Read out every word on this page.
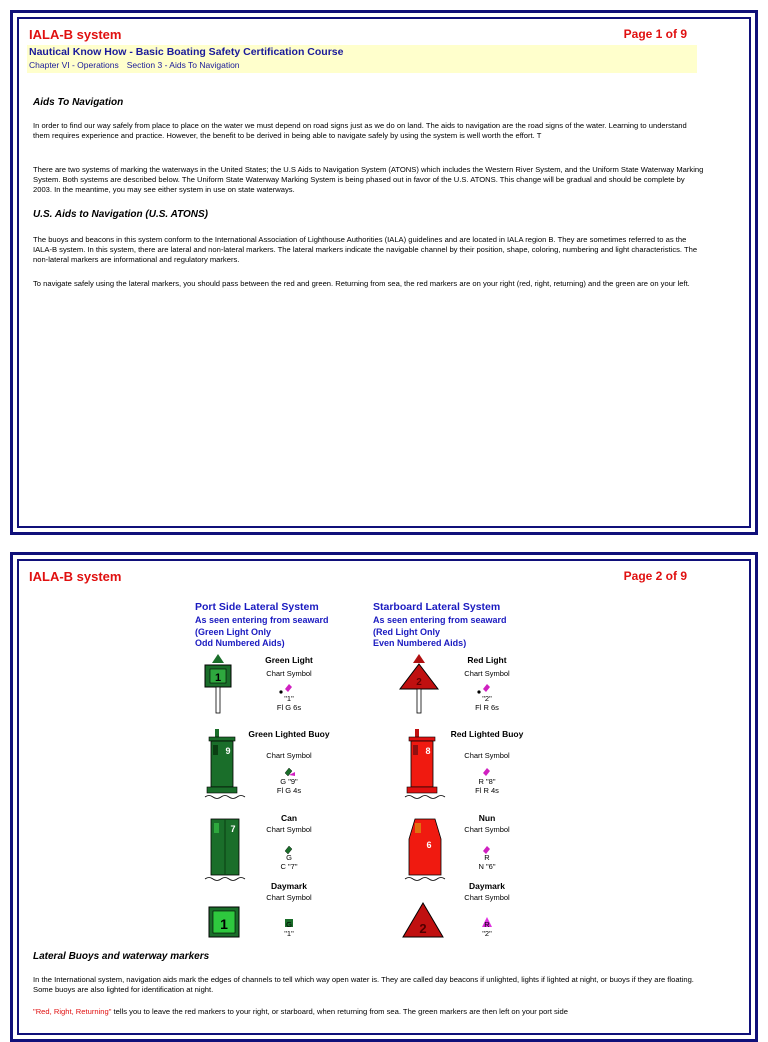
IALA-B system	Page 1 of 9
Nautical Know How - Basic Boating Safety Certification Course
Chapter VI - Operations Section 3 - Aids To Navigation
Aids To Navigation
In order to find our way safely from place to place on the water we must depend on road signs just as we do on land. The aids to navigation are the road signs of the water. Learning to understand them requires experience and practice. However, the benefit to be derived in being able to navigate safely by using the system is well worth the effort. T
There are two systems of marking the waterways in the United States; the U.S Aids to Navigation System (ATONS) which includes the Western River System, and the Uniform State Waterway Marking System. Both systems are described below. The Uniform State Waterway Marking System is being phased out in favor of the U.S. ATONS. This change will be gradual and should be complete by 2003. In the meantime, you may see either system in use on state waterways.
U.S. Aids to Navigation (U.S. ATONS)
The buoys and beacons in this system conform to the International Association of Lighthouse Authorities (IALA) guidelines and are located in IALA region B. They are sometimes referred to as the IALA-B system. In this system, there are lateral and non-lateral markers. The lateral markers indicate the navigable channel by their position, shape, coloring, numbering and light characteristics. The non-lateral markers are informational and regulatory markers.
To navigate safely using the lateral markers, you should pass between the red and green. Returning from sea, the red markers are on your right (red, right, returning) and the green are on your left.
IALA-B system	Page 2 of 9
Port Side Lateral System
As seen entering from seaward
(Green Light Only
Odd Numbered Aids)
Starboard Lateral System
As seen entering from seaward
(Red Light Only
Even Numbered Aids)
1	2
9	8
7
6
1	2
Green Light
Chart Symbol
"1"
Fl G 6s
Green Lighted Buoy
Chart Symbol
G "9"
Fl G 4s
Can
Chart Symbol
G
C "7"
Daymark
Chart Symbol
G
"1"
Red Light
Chart Symbol
"2"
Fl R 6s
Red Lighted Buoy
Chart Symbol
R "8"
Fl R 4s
Nun
Chart Symbol
R
N "6"
Daymark
Chart Symbol
R
"2"
Lateral Buoys and waterway markers
In the International system, navigation aids mark the edges of channels to tell which way open water is. They are called day beacons if unlighted, lights if lighted at night, or buoys if they are floating. Some buoys are also lighted for identification at night.
"Red, Right, Returning" tells you to leave the red markers to your right, or starboard, when returning from sea. The green markers are then left on your port side
